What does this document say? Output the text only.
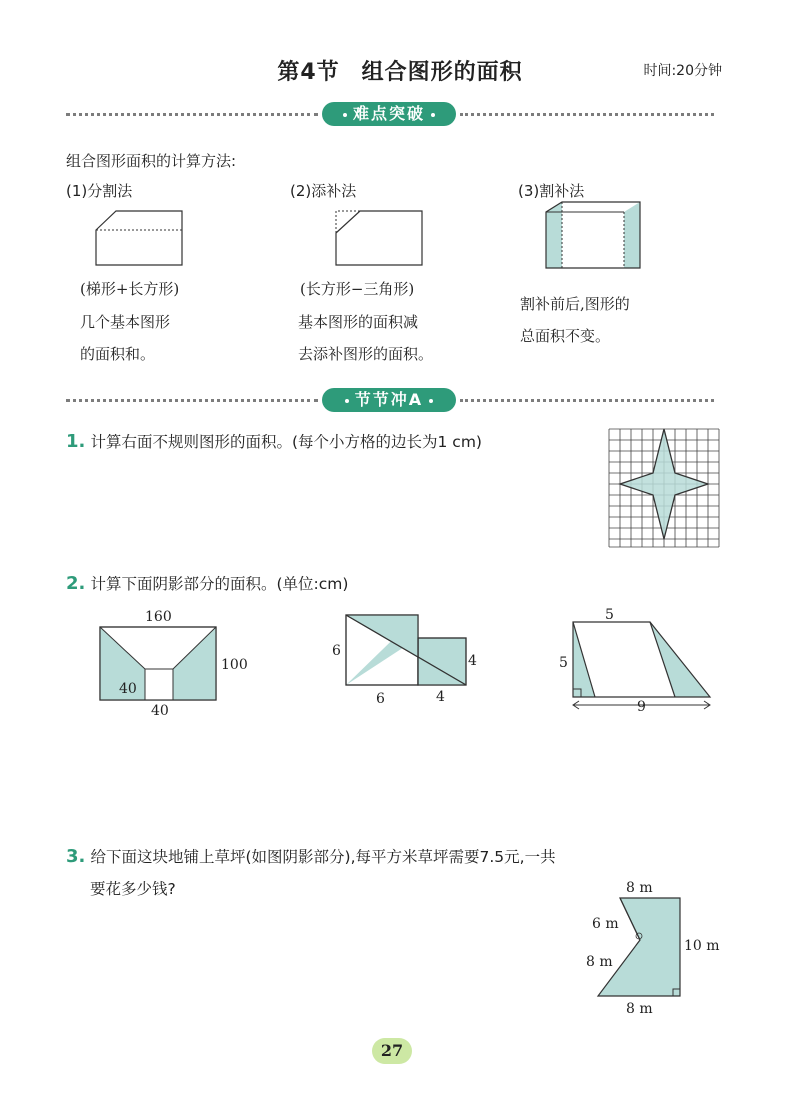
第4节 组合图形的面积	时间:20分钟
难点突破
组合图形面积的计算方法:
(1)分割法	(2)添补法	(3)割补法
(梯形+长方形)	(长方形−三角形)
几个基本图形
的面积和。
基本图形的面积减
去添补图形的面积。
割补前后,图形的
总面积不变。
节节冲A
1. 计算右面不规则图形的面积。(每个小方格的边长为1 cm)
2. 计算下面阴影部分的面积。(单位:cm)
160
100
40
40
6
6
4
4
5
5
9
3. 给下面这块地铺上草坪(如图阴影部分),每平方米草坪需要7.5元,一共
要花多少钱?	8 m
6 m
8 m
10 m
8 m
27
